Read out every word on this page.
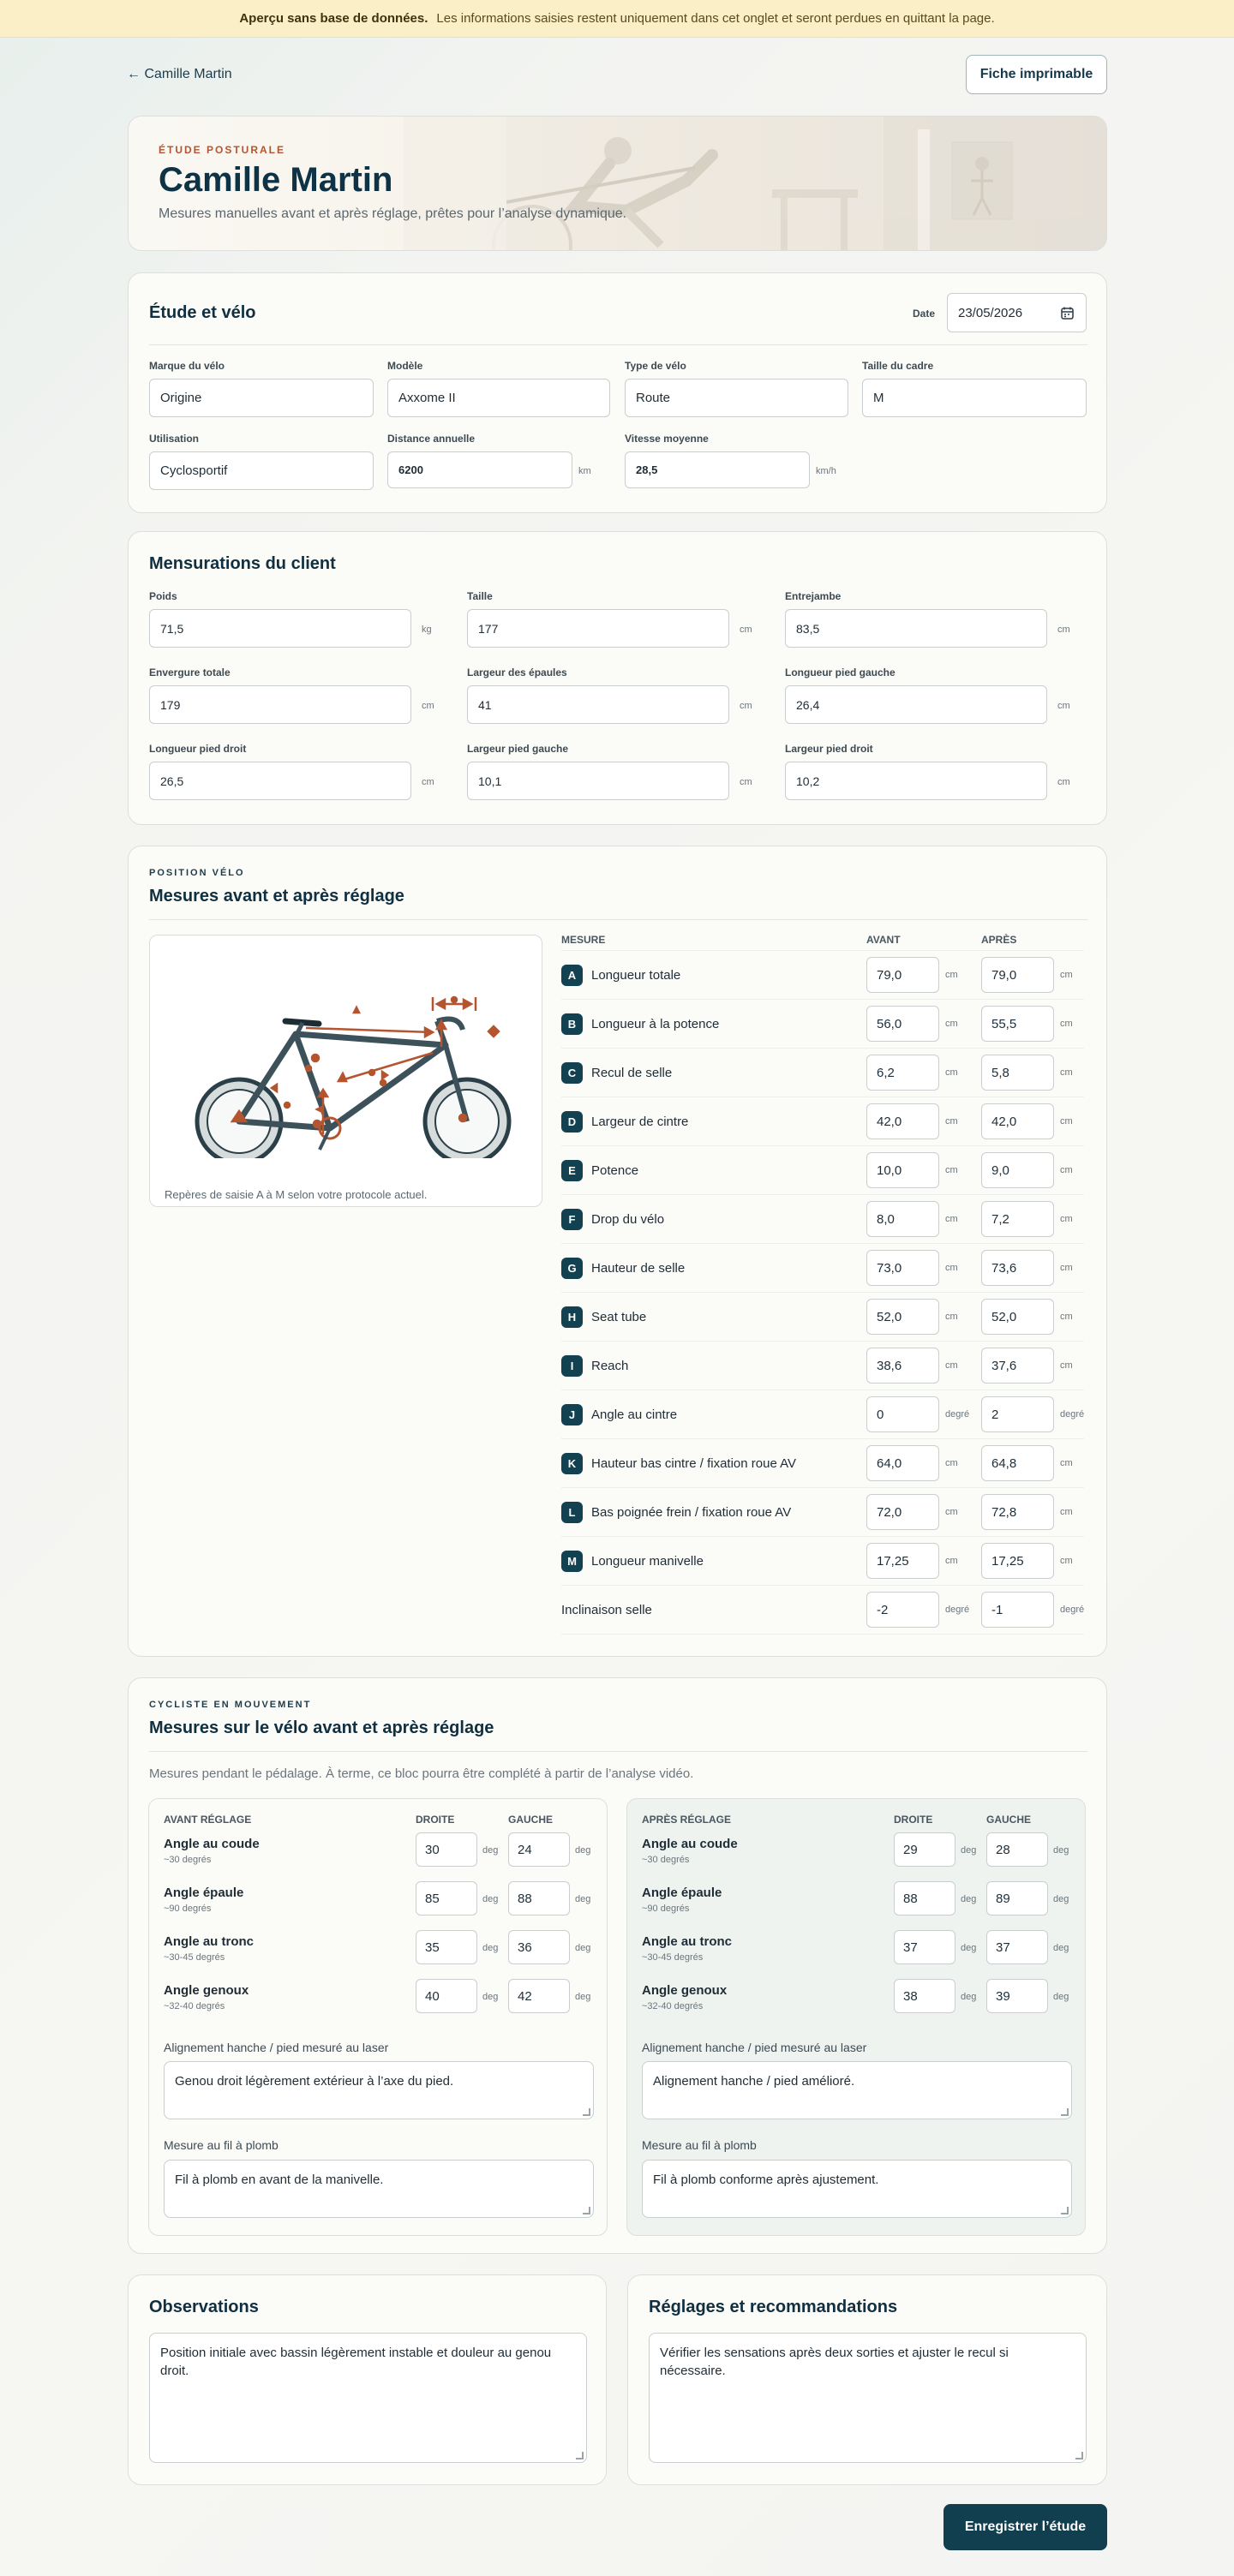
Aperçu sans base de données. Les informations saisies restent uniquement dans cet onglet et seront perdues en quittant la page.
← Camille Martin	Fiche imprimable
ÉTUDE POSTURALE
Camille Martin

Mesures manuelles avant et après réglage, prêtes pour l’analyse dynamique.

Étude et vélo	Date 23/05/2026
Marque du vélo
Origine
Modèle
Axxome II
Type de vélo
Route
Taille du cadre
M
Utilisation
Cyclosportif
Distance annuelle
6200	km
Vitesse moyenne
28,5	km/h
Mensurations du client
Poids
71,5	kg
Taille
177	cm
Entrejambe
83,5	cm
Envergure totale
179	cm
Largeur des épaules
41	cm
Longueur pied gauche
26,4	cm
Longueur pied droit
26,5	cm
Largeur pied gauche
10,1	cm
Largeur pied droit
10,2	cm
POSITION VÉLO
Mesures avant et après réglage
Repères de saisie A à M selon votre protocole actuel.
MESURE	AVANT	APRÈS
A	Longueur totale	79,0	cm	79,0	cm
B	Longueur à la potence	56,0	cm	55,5	cm
C	Recul de selle	6,2	cm	5,8	cm
D	Largeur de cintre	42,0	cm	42,0	cm
E	Potence	10,0	cm	9,0	cm
F	Drop du vélo	8,0	cm	7,2	cm
G	Hauteur de selle	73,0	cm	73,6	cm
H	Seat tube	52,0	cm	52,0	cm
I	Reach	38,6	cm	37,6	cm
J	Angle au cintre	0	degré	2	degré
K	Hauteur bas cintre / fixation roue AV	64,0	cm	64,8	cm
L	Bas poignée frein / fixation roue AV	72,0	cm	72,8	cm
M	Longueur manivelle	17,25	cm	17,25	cm
Inclinaison selle	-2	degré	-1	degré
CYCLISTE EN MOUVEMENT
Mesures sur le vélo avant et après réglage
Mesures pendant le pédalage. À terme, ce bloc pourra être complété à partir de l’analyse vidéo.
AVANT RÉGLAGE	DROITE	GAUCHE
Angle au coude
~30 degrés
30	deg	24	deg
Angle épaule
~90 degrés
85	deg	88	deg
Angle au tronc
~30-45 degrés
35	deg	36	deg
Angle genoux
~32-40 degrés
40	deg	42	deg
Alignement hanche / pied mesuré au laser
Genou droit légèrement extérieur à l’axe du pied.
Mesure au fil à plomb
Fil à plomb en avant de la manivelle.
APRÈS RÉGLAGE	DROITE	GAUCHE
Angle au coude
~30 degrés
29	deg	28	deg
Angle épaule
~90 degrés
88	deg	89	deg
Angle au tronc
~30-45 degrés
37	deg	37	deg
Angle genoux
~32-40 degrés
38	deg	39	deg
Alignement hanche / pied mesuré au laser
Alignement hanche / pied amélioré.
Mesure au fil à plomb
Fil à plomb conforme après ajustement.
Observations
Position initiale avec bassin légèrement instable et douleur au genou droit.
Réglages et recommandations
Vérifier les sensations après deux sorties et ajuster le recul si nécessaire.
Enregistrer l’étude
